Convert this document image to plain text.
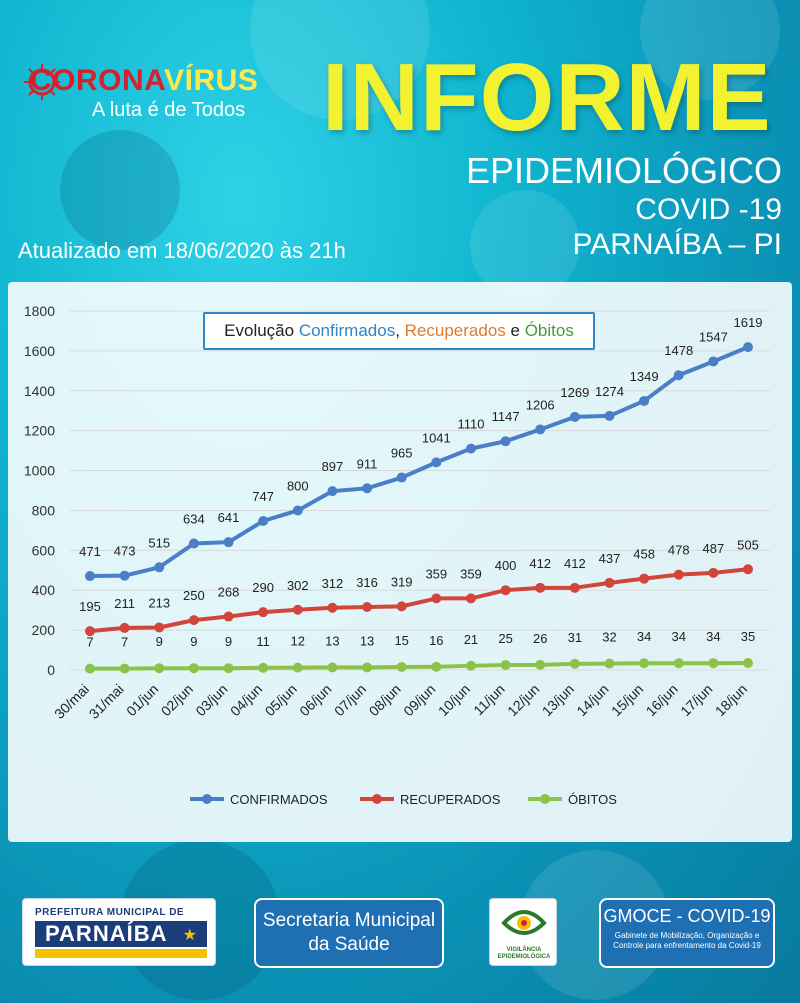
CORONAVÍRUS
A luta é de Todos INFORME
EPIDEMIOLÓGICO
COVID -19
PARNAÍBA – PI
Atualizado em 18/06/2020 às 21h
0
200
400
600
800
1000
1200
1400
1600
1800
30/mai
31/mai
01/jun
02/jun
03/jun
04/jun
05/jun
06/jun
07/jun
08/jun
09/jun
10/jun
11/jun
12/jun
13/jun
14/jun
15/jun
16/jun
17/jun
18/jun
471 473
515
634 641
747
800
897 911
965
1041
1110 1147
1206
1269 1274
1349
1478
1547
1619
195 211 213 250 268 290 302 312 316 319
359 359
400 412 412 437 458 478 487 505
7 7 9 9 9 11 12 13 13 15 16 21 25 26 31 32 34 34 34 35
CONFIRMADOS	RECUPERADOS	ÓBITOS
Evolução Confirmados , Recuperados e Óbitos
PREFEITURA MUNICIPAL DE
PARNAÍBA ★
Secretaria Municipal
da Saúde	VIGILÂNCIA EPIDEMIOLÓGICA
GMOCE - COVID-19
Gabinete de Mobilização, Organização e Controle para enfrentamento da Covid-19
